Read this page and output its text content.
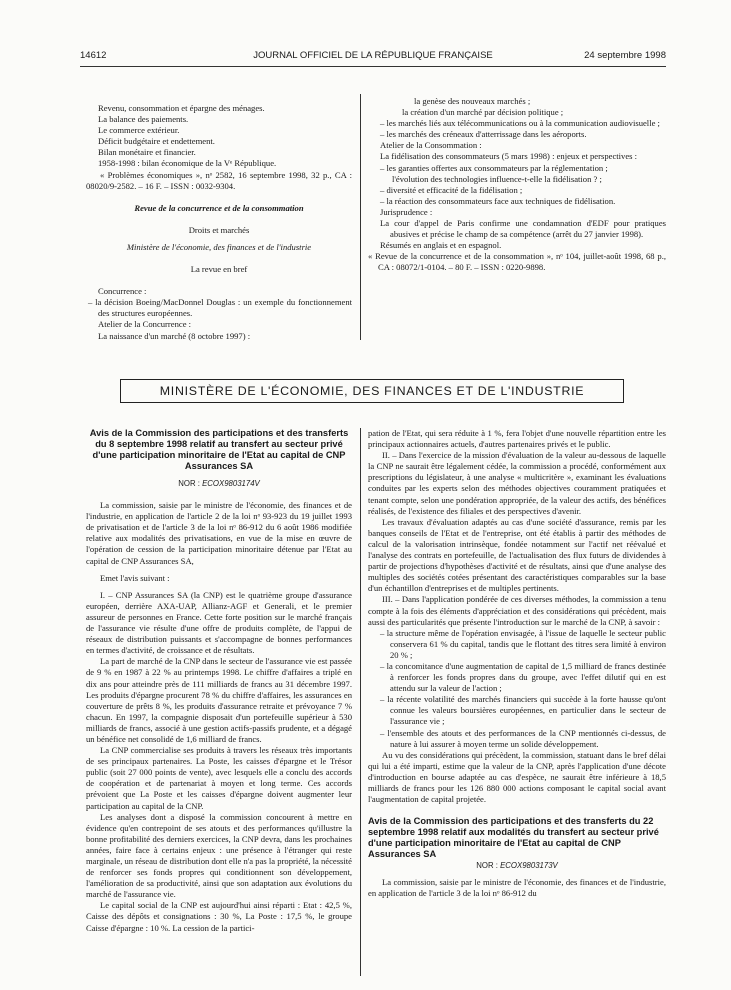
14612	JOURNAL OFFICIEL DE LA RÉPUBLIQUE FRANÇAISE	24 septembre 1998

Revenu, consommation et épargne des ménages.

La balance des paiements.

Le commerce extérieur.

Déficit budgétaire et endettement.

Bilan monétaire et financier.

1958-1998 : bilan économique de la Vᵉ République.

« Problèmes économiques », nᵒ 2582, 16 septembre 1998, 32 p., CA : 08020/9-2582. – 16 F. – ISSN : 0032-9304.

Revue de la concurrence et de la consommation

Droits et marchés

Ministère de l'économie, des finances et de l'industrie

La revue en bref

Concurrence :

– la décision Boeing/MacDonnel Douglas : un exemple du fonctionnement des structures européennes.

Atelier de la Concurrence :

La naissance d'un marché (8 octobre 1997) :

la genèse des nouveaux marchés ;

la création d'un marché par décision politique ;

– les marchés liés aux télécommunications ou à la communication audiovisuelle ;

– les marchés des créneaux d'atterrissage dans les aéroports.

Atelier de la Consommation :

La fidélisation des consommateurs (5 mars 1998) : enjeux et perspectives :

– les garanties offertes aux consommateurs par la réglementation ;

l'évolution des technologies influence-t-elle la fidélisation ? ;

– diversité et efficacité de la fidélisation ;

– la réaction des consommateurs face aux techniques de fidélisation.

Jurisprudence :

La cour d'appel de Paris confirme une condamnation d'EDF pour pratiques abusives et précise le champ de sa compétence (arrêt du 27 janvier 1998).

Résumés en anglais et en espagnol.

« Revue de la concurrence et de la consommation », nᵒ 104, juillet-août 1998, 68 p., CA : 08072/1-0104. – 80 F. – ISSN : 0220-9898.

MINISTÈRE DE L'ÉCONOMIE, DES FINANCES ET DE L'INDUSTRIE

Avis de la Commission des participations et des transferts du 8 septembre 1998 relatif au transfert au secteur privé d'une participation minoritaire de l'Etat au capital de CNP Assurances SA

NOR : ECOX9803174V

La commission, saisie par le ministre de l'économie, des finances et de l'industrie, en application de l'article 2 de la loi nᵒ 93-923 du 19 juillet 1993 de privatisation et de l'article 3 de la loi nᵒ 86-912 du 6 août 1986 modifiée relative aux modalités des privatisations, en vue de la mise en œuvre de l'opération de cession de la participation minoritaire détenue par l'Etat au capital de CNP Assurances SA,

Emet l'avis suivant :

I. – CNP Assurances SA (la CNP) est le quatrième groupe d'assurance européen, derrière AXA-UAP, Allianz-AGF et Generali, et le premier assureur de personnes en France. Cette forte position sur le marché français de l'assurance vie résulte d'une offre de produits complète, de l'appui de réseaux de distribution puissants et s'accompagne de bonnes performances en termes d'activité, de croissance et de résultats.

La part de marché de la CNP dans le secteur de l'assurance vie est passée de 9 % en 1987 à 22 % au printemps 1998. Le chiffre d'affaires a triplé en dix ans pour atteindre près de 111 milliards de francs au 31 décembre 1997. Les produits d'épargne procurent 78 % du chiffre d'affaires, les assurances en couverture de prêts 8 %, les produits d'assurance retraite et prévoyance 7 % chacun. En 1997, la compagnie disposait d'un portefeuille supérieur à 530 milliards de francs, associé à une gestion actifs-passifs prudente, et a dégagé un bénéfice net consolidé de 1,6 milliard de francs.

La CNP commercialise ses produits à travers les réseaux très importants de ses principaux partenaires. La Poste, les caisses d'épargne et le Trésor public (soit 27 000 points de vente), avec lesquels elle a conclu des accords de coopération et de partenariat à moyen et long terme. Ces accords prévoient que La Poste et les caisses d'épargne doivent augmenter leur participation au capital de la CNP.

Les analyses dont a disposé la commission concourent à mettre en évidence qu'en contrepoint de ses atouts et des performances qu'illustre la bonne profitabilité des derniers exercices, la CNP devra, dans les prochaines années, faire face à certains enjeux : une présence à l'étranger qui reste marginale, un réseau de distribution dont elle n'a pas la propriété, la nécessité de renforcer ses fonds propres qui conditionnent son développement, l'amélioration de sa productivité, ainsi que son adaptation aux évolutions du marché de l'assurance vie.

Le capital social de la CNP est aujourd'hui ainsi réparti : Etat : 42,5 %, Caisse des dépôts et consignations : 30 %, La Poste : 17,5 %, le groupe Caisse d'épargne : 10 %. La cession de la partici-

pation de l'Etat, qui sera réduite à 1 %, fera l'objet d'une nouvelle répartition entre les principaux actionnaires actuels, d'autres partenaires privés et le public.

II. – Dans l'exercice de la mission d'évaluation de la valeur au-dessous de laquelle la CNP ne saurait être légalement cédée, la commission a procédé, conformément aux prescriptions du législateur, à une analyse « multicritère », examinant les évaluations conduites par les experts selon des méthodes objectives couramment pratiquées et tenant compte, selon une pondération appropriée, de la valeur des actifs, des bénéfices réalisés, de l'existence des filiales et des perspectives d'avenir.

Les travaux d'évaluation adaptés au cas d'une société d'assurance, remis par les banques conseils de l'Etat et de l'entreprise, ont été établis à partir des méthodes de calcul de la valorisation intrinsèque, fondée notamment sur l'actif net réévalué et l'analyse des contrats en portefeuille, de l'actualisation des flux futurs de dividendes à partir de projections d'hypothèses d'activité et de résultats, ainsi que d'une analyse des multiples des sociétés cotées présentant des caractéristiques comparables sur la base d'un échantillon d'entreprises et de multiples pertinents.

III. – Dans l'application pondérée de ces diverses méthodes, la commission a tenu compte à la fois des éléments d'appréciation et des considérations qui précèdent, mais aussi des particularités que présente l'introduction sur le marché de la CNP, à savoir :

– la structure même de l'opération envisagée, à l'issue de laquelle le secteur public conservera 61 % du capital, tandis que le flottant des titres sera limité à environ 20 % ;

– la concomitance d'une augmentation de capital de 1,5 milliard de francs destinée à renforcer les fonds propres dans du groupe, avec l'effet dilutif qui en est attendu sur la valeur de l'action ;

– la récente volatilité des marchés financiers qui succède à la forte hausse qu'ont connue les valeurs boursières européennes, en particulier dans le secteur de l'assurance vie ;

– l'ensemble des atouts et des performances de la CNP mentionnés ci-dessus, de nature à lui assurer à moyen terme un solide développement.

Au vu des considérations qui précèdent, la commission, statuant dans le bref délai qui lui a été imparti, estime que la valeur de la CNP, après l'application d'une décote d'introduction en bourse adaptée au cas d'espèce, ne saurait être inférieure à 18,5 milliards de francs pour les 126 880 000 actions composant le capital social avant l'augmentation de capital projetée.

Avis de la Commission des participations et des transferts du 22 septembre 1998 relatif aux modalités du transfert au secteur privé d'une participation minoritaire de l'Etat au capital de CNP Assurances SA

NOR : ECOX9803173V

La commission, saisie par le ministre de l'économie, des finances et de l'industrie, en application de l'article 3 de la loi nᵒ 86-912 du
